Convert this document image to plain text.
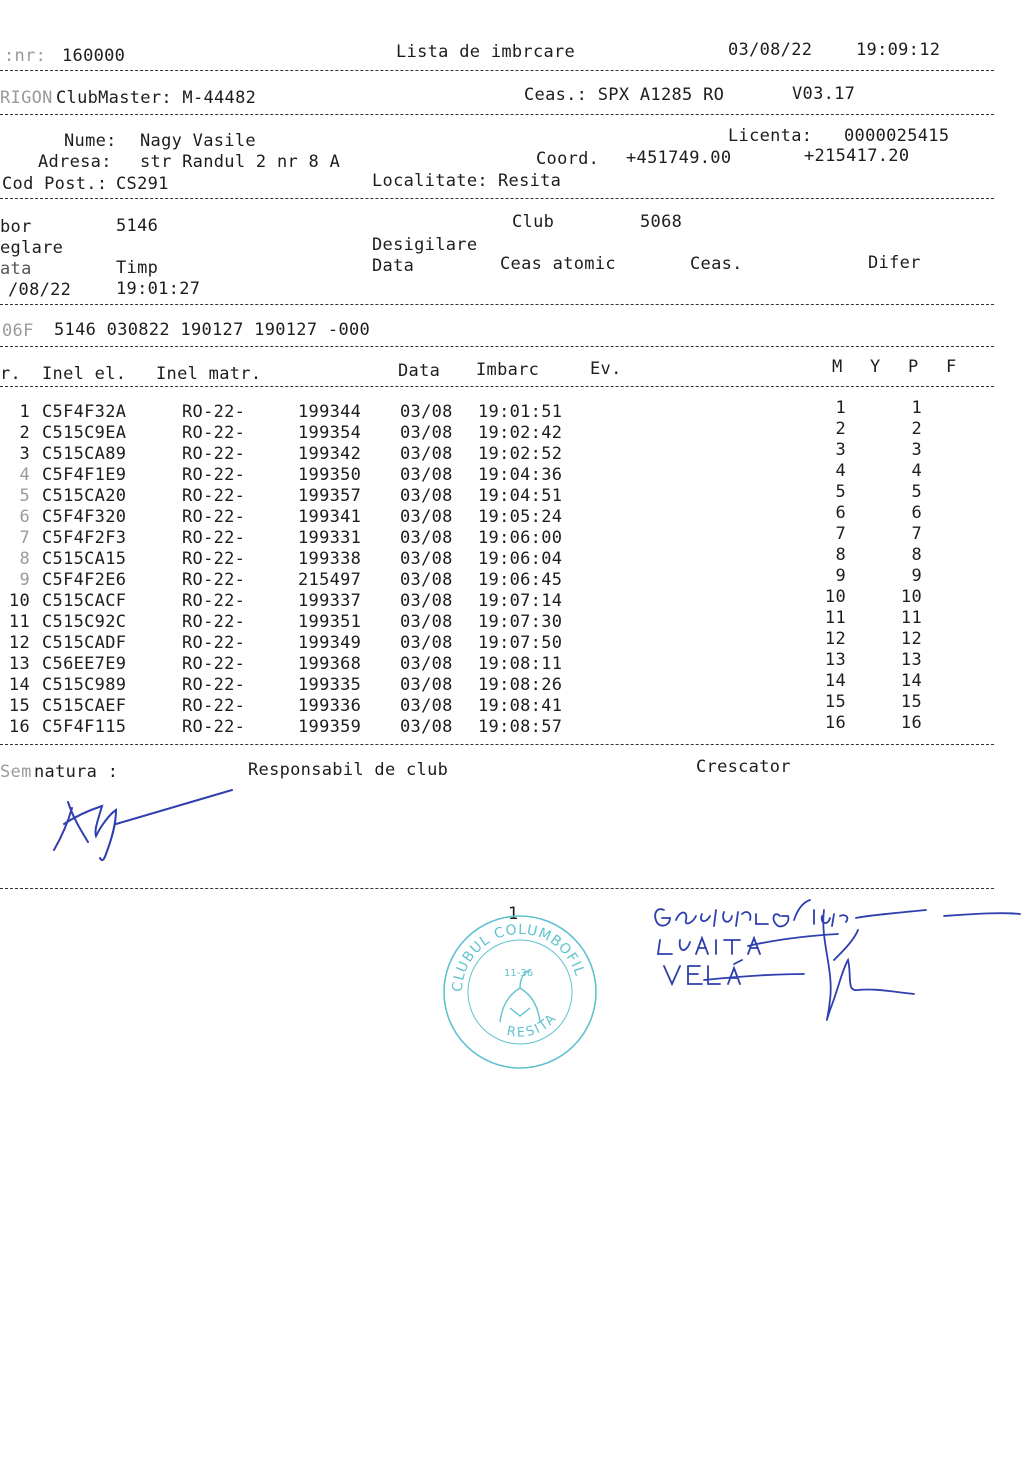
160000
:nr:	Lista de imbrcare	03/08/22	19:09:12
RIGON ClubMaster: M-44482	Ceas.: SPX A1285 RO	V03.17
Nume: Nagy Vasile	Licenta: 0000025415
Adresa: str Randul 2 nr 8 A	Coord. +451749.00	+215417.20
Cod Post.: CS291	Localitate: Resita
bor	5146	Club	5068
eglare	Desigilare
ata	Timp	Data	Ceas atomic	Ceas.	Difer
/08/22	19:01:27
06F 5146 030822 190127 190127 -000
r. Inel el. Inel matr.	Data Imbarc	Ev.	M Y P F
1 C5F4F32A	RO-22-	199344 03/08 19:01:51	1	1
2 C515C9EA	RO-22-	199354 03/08 19:02:42	2	2
3 C515CA89	RO-22-	199342 03/08 19:02:52	3	3
4 C5F4F1E9	RO-22-	199350 03/08 19:04:36	4	4
5 C515CA20	RO-22-	199357 03/08 19:04:51	5	5
6 C5F4F320	RO-22-	199341 03/08 19:05:24	6	6
7 C5F4F2F3	RO-22-	199331 03/08 19:06:00	7	7
8 C515CA15	RO-22-	199338 03/08 19:06:04	8	8
9 C5F4F2E6	RO-22-	215497 03/08 19:06:45	9	9
10 C515CACF	RO-22-	199337 03/08 19:07:14	10	10
11 C515C92C	RO-22-	199351 03/08 19:07:30	11	11
12 C515CADF	RO-22-	199349 03/08 19:07:50	12	12
13 C56EE7E9	RO-22-	199368 03/08 19:08:11	13	13
14 C515C989	RO-22-	199335 03/08 19:08:26	14	14
15 C515CAEF	RO-22-	199336 03/08 19:08:41	15	15
16 C5F4F115	RO-22-	199359 03/08 19:08:57	16	16
Sem natura :	Responsabil de club	Crescator
1
CLUBUL COLUMBOFIL
RESITA
11-36
